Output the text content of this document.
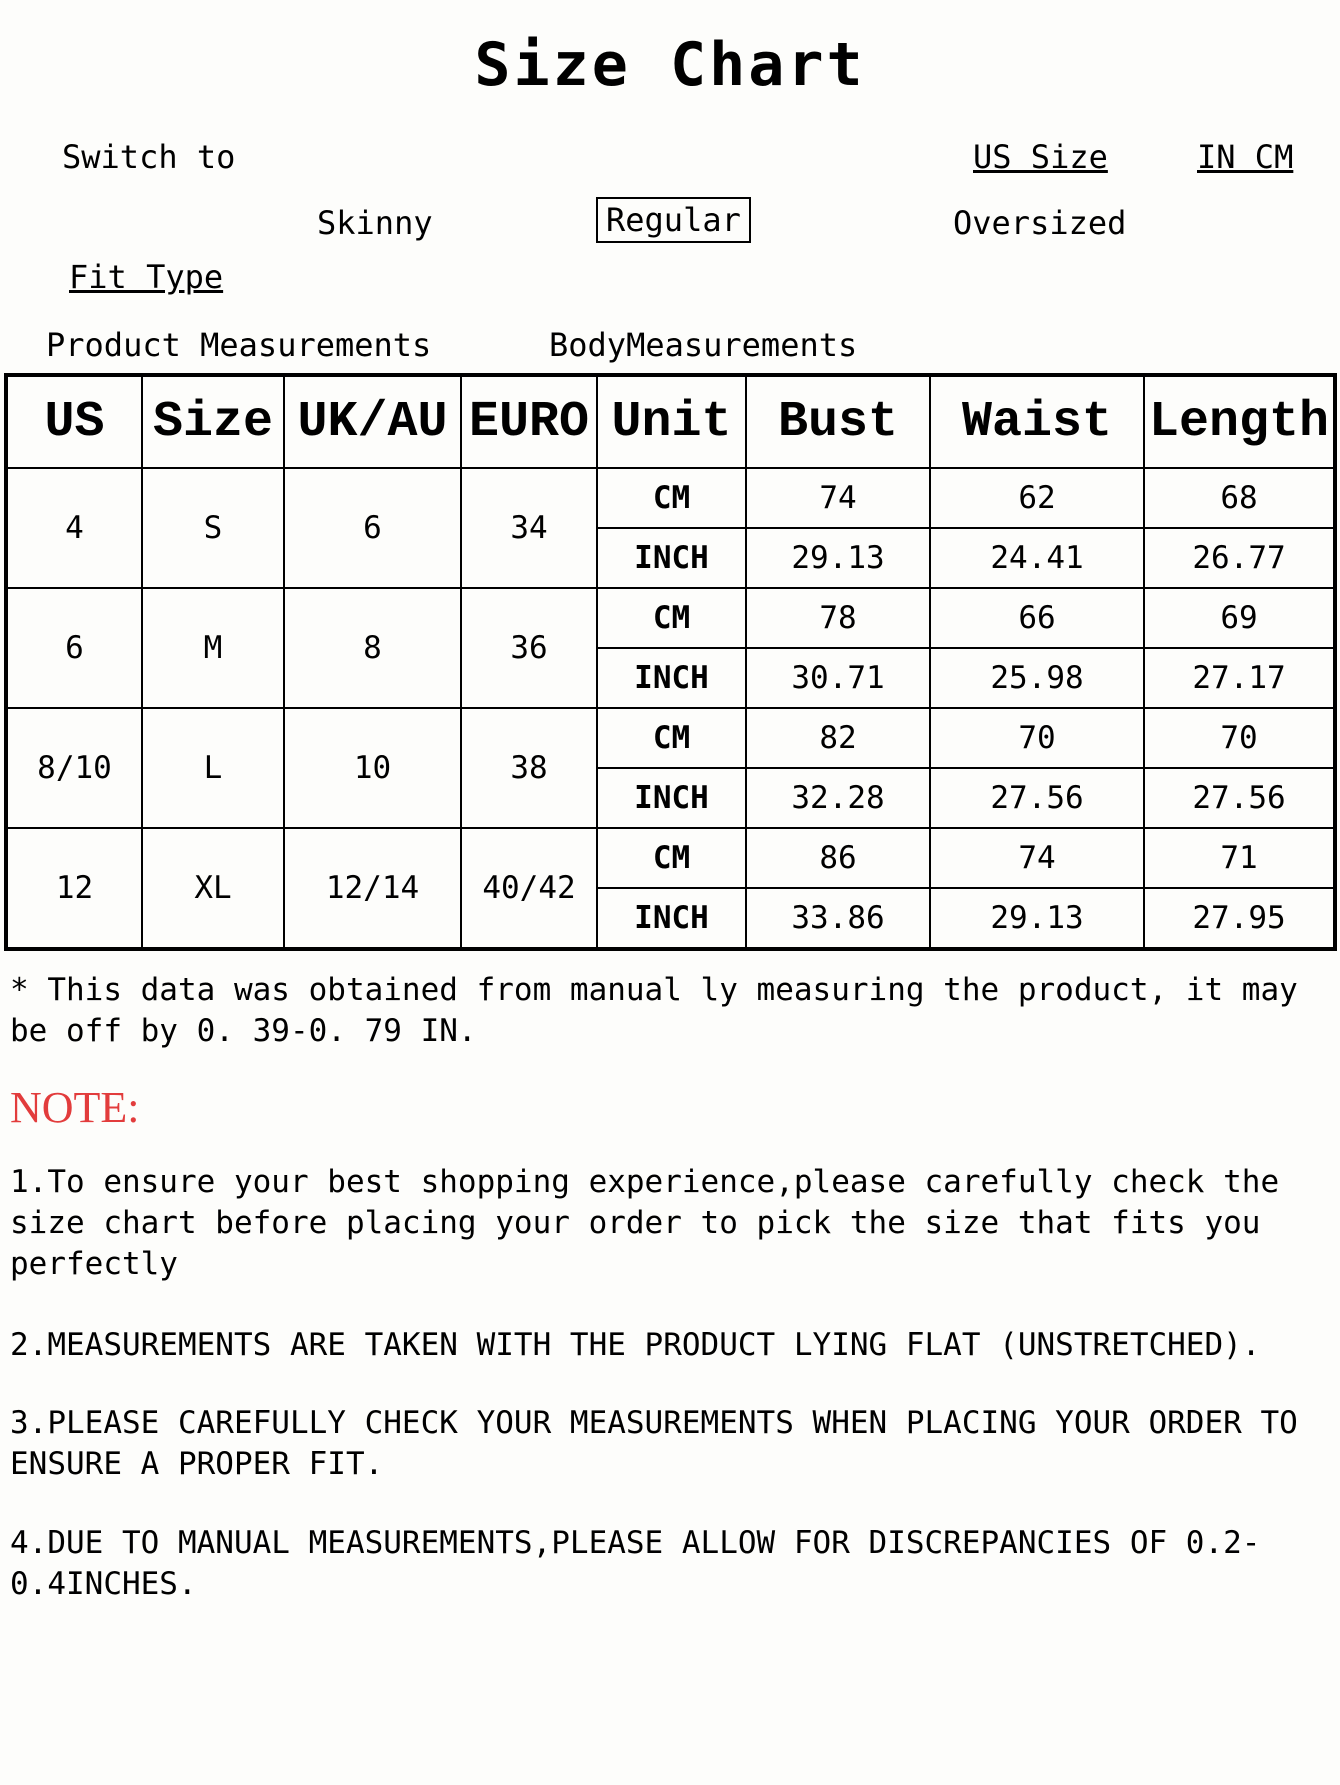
Size Chart
Switch to	US Size	IN CM
Skinny	Regular	Oversized
Fit Type
Product Measurements	BodyMeasurements
US	Size	UK/AU	EURO	Unit	Bust	Waist	Length
4	S	6	34	CM	74	62	68
				INCH	29.13	24.41	26.77
6	M	8	36	CM	78	66	69
				INCH	30.71	25.98	27.17
8/10	L	10	38	CM	82	70	70
				INCH	32.28	27.56	27.56
12	XL	12/14	40/42	CM	86	74	71
				INCH	33.86	29.13	27.95
* This data was obtained from manual ly measuring the product, it may be off by 0. 39-0. 79 IN.
NOTE:
1.To ensure your best shopping experience,please carefully check the size chart before placing your order to pick the size that fits you perfectly
2.MEASUREMENTS ARE TAKEN WITH THE PRODUCT LYING FLAT (UNSTRETCHED).
3.PLEASE CAREFULLY CHECK YOUR MEASUREMENTS WHEN PLACING YOUR ORDER TO ENSURE A PROPER FIT.
4.DUE TO MANUAL MEASUREMENTS,PLEASE ALLOW FOR DISCREPANCIES OF 0.2-0.4INCHES.
